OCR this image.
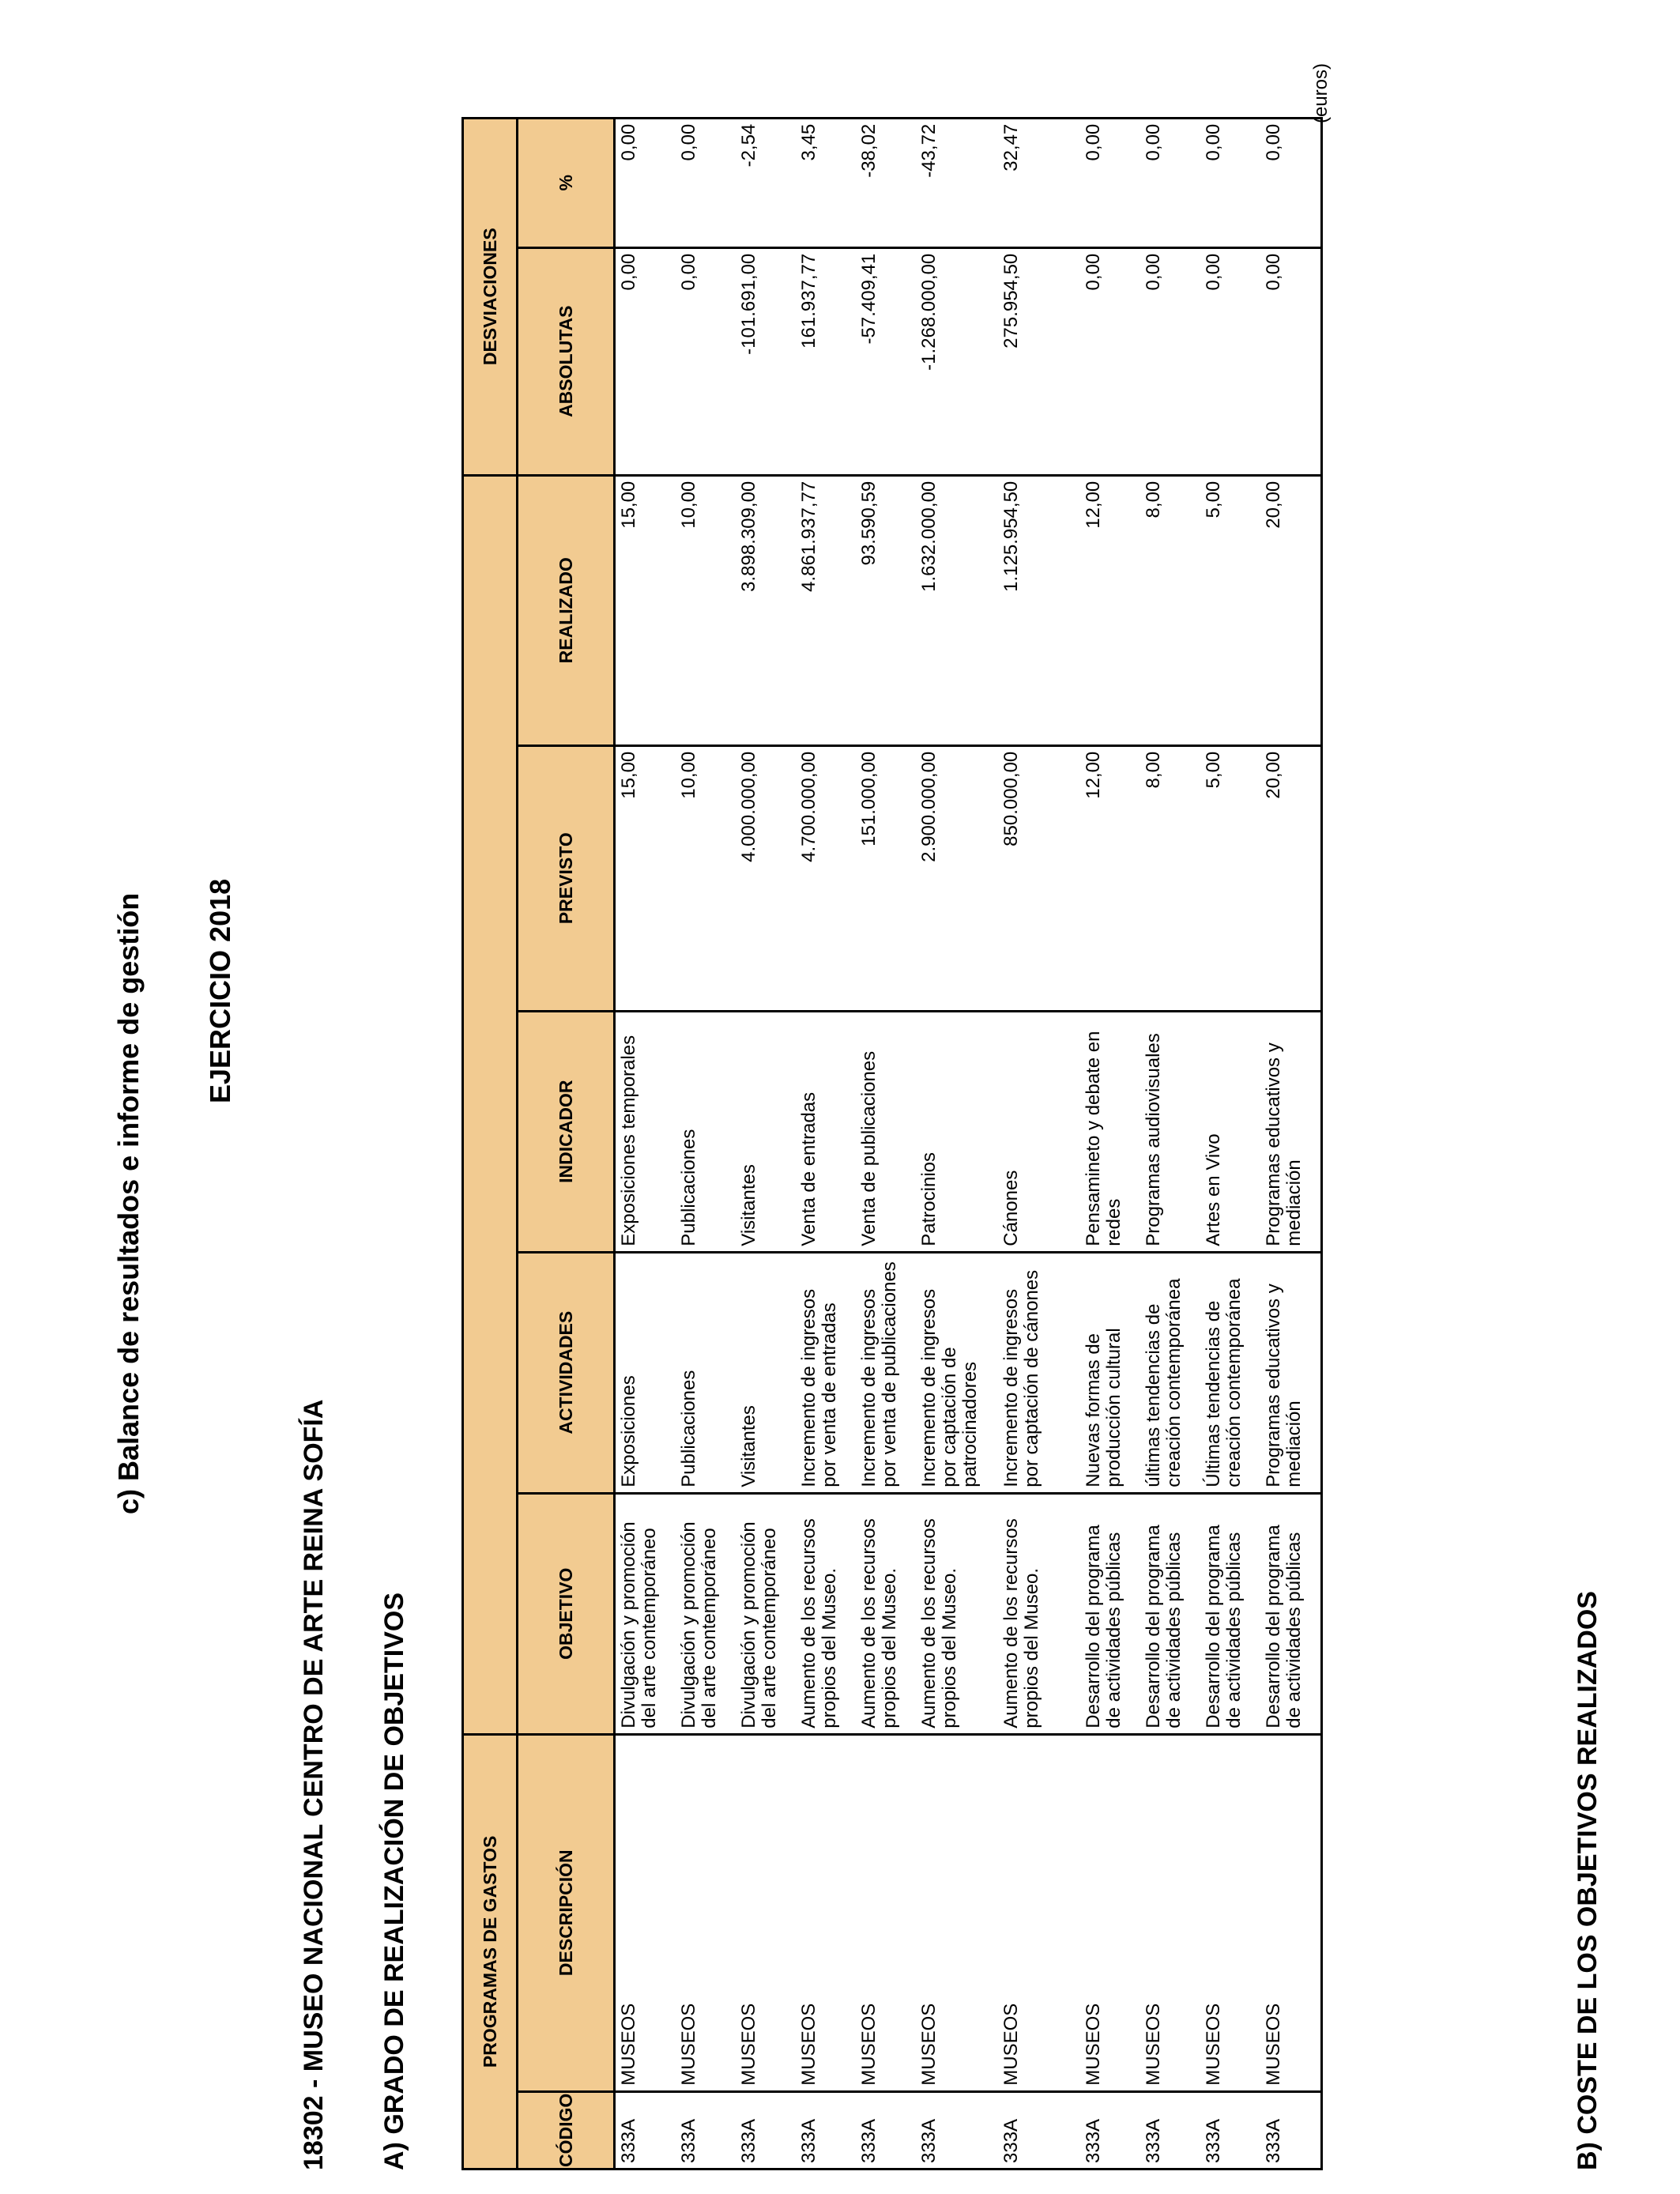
c) Balance de resultados e informe de gestión EJERCICIO 2018
18302 - MUSEO NACIONAL CENTRO DE ARTE REINA SOFÍA A) GRADO DE REALIZACIÓN DE OBJETIVOS
(euros)
PROGRAMAS DE GASTOS							DESVIACIONES	
CÓDIGO	DESCRIPCIÓN	OBJETIVO	ACTIVIDADES	INDICADOR	PREVISTO	REALIZADO	ABSOLUTAS	%
333A	MUSEOS	Divulgación y promoción del arte contemporáneo	Exposiciones	Exposiciones temporales	15,00	15,00	0,00	0,00
333A	MUSEOS	Divulgación y promoción del arte contemporáneo	Publicaciones	Publicaciones	10,00	10,00	0,00	0,00
333A	MUSEOS	Divulgación y promoción del arte contemporáneo	Visitantes	Visitantes	4.000.000,00	3.898.309,00	-101.691,00	-2,54
333A	MUSEOS	Aumento de los recursos propios del Museo.	Incremento de ingresos por venta de entradas	Venta de entradas	4.700.000,00	4.861.937,77	161.937,77	3,45
333A	MUSEOS	Aumento de los recursos propios del Museo.	Incremento de ingresos por venta de publicaciones	Venta de publicaciones	151.000,00	93.590,59	-57.409,41	-38,02
333A	MUSEOS	Aumento de los recursos propios del Museo.	Incremento de ingresos por captación de patrocinadores	Patrocinios	2.900.000,00	1.632.000,00	-1.268.000,00	-43,72
333A	MUSEOS	Aumento de los recursos propios del Museo.	Incremento de ingresos por captación de cánones	Cánones	850.000,00	1.125.954,50	275.954,50	32,47
333A	MUSEOS	Desarrollo del programa de actividades públicas	Nuevas formas de producción cultural	Pensamineto y debate en redes	12,00	12,00	0,00	0,00
333A	MUSEOS	Desarrollo del programa de actividades públicas	últimas tendencias de creación contemporánea	Programas audiovisuales	8,00	8,00	0,00	0,00
333A	MUSEOS	Desarrollo del programa de actividades públicas	Últimas tendencias de creación contemporánea	Artes en Vivo	5,00	5,00	0,00	0,00
333A	MUSEOS	Desarrollo del programa de actividades públicas	Programas educativos y mediación	Programas educativos y mediación	20,00	20,00	0,00	0,00
B) COSTE DE LOS OBJETIVOS REALIZADOS
